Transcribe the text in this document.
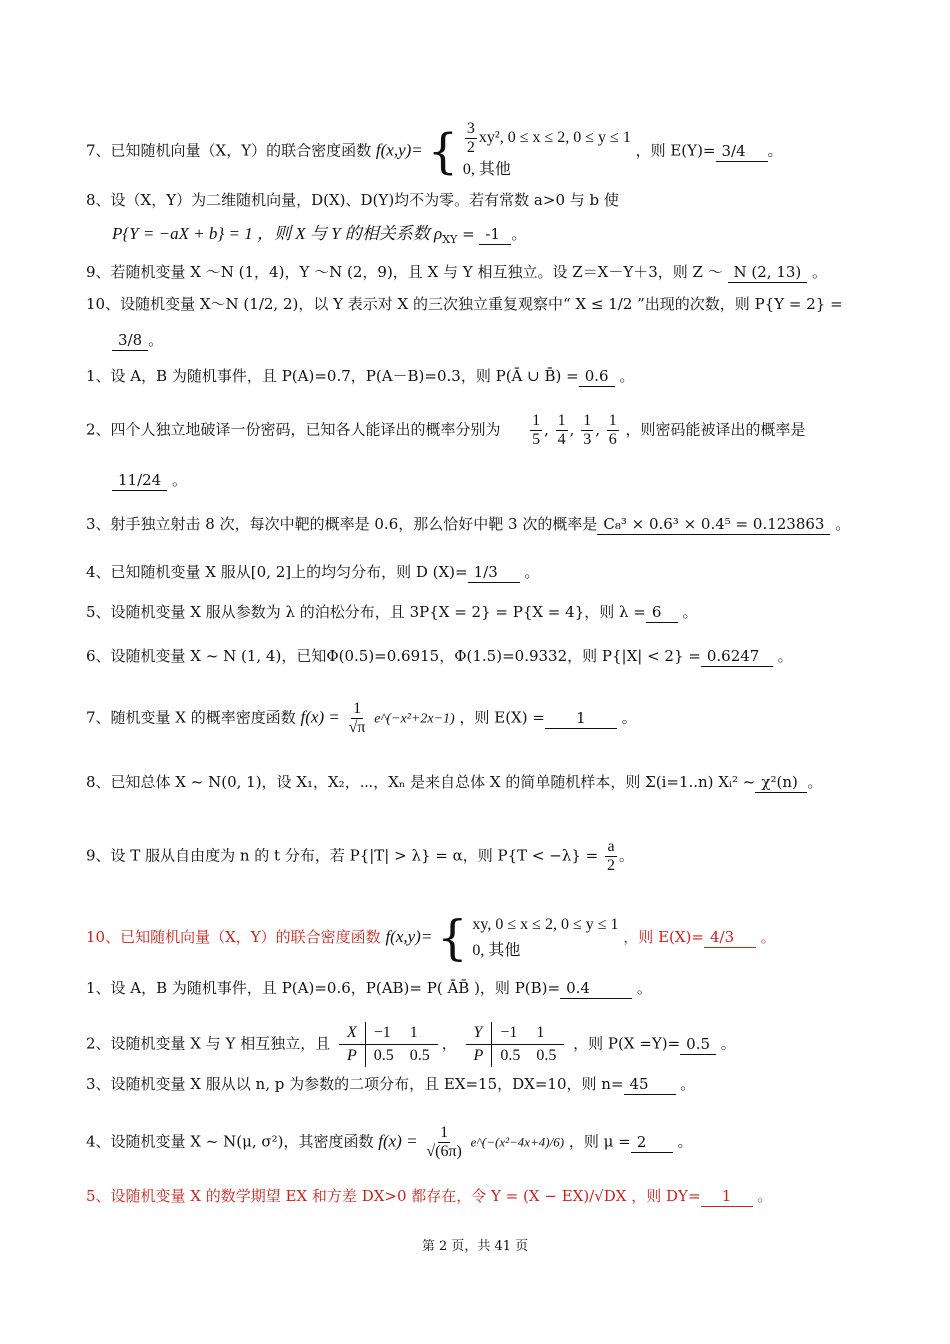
7、已知随机向量（X，Y）的联合密度函数 f(x,y)= { $\frac{3}{2} xy^2$, 0 ≤ x ≤ 2, 0 ≤ y ≤ 1
0, 其他
，则 E(Y)= 3/4 。
8、设（X，Y）为二维随机向量，D(X)、D(Y)均不为零。若有常数 a>0 与 b 使
P{Y = −aX + b} = 1 ，则 X 与 Y 的相关系数 $\rho_{XY} = -1$ 。
9、若随机变量 X ～N (1，4)，Y ～N (2，9)，且 X 与 Y 相互独立。设 Z＝X－Y＋3，则 Z ～ N (2, 13) 。
10、设随机变量 X～N (1/2, 2)，以 Y 表示对 X 的三次独立重复观察中“ X ≤ 1/2 ”出现的次数，则 P{Y = 2} =
3/8 。
1、设 A，B 为随机事件，且 P(A)=0.7，P(A－B)=0.3，则 P(Ā ∪ B̄) = 0.6 。
2、四个人独立地破译一份密码，已知各人能译出的概率分别为 $\frac{1}{5}$ , $\frac{1}{4}$ , $\frac{1}{3}$ , $\frac{1}{6}$ ，则密码能被译出的概率是
11/24 。
3、射手独立射击 8 次，每次中靶的概率是 0.6，那么恰好中靶 3 次的概率是 C₈³ × 0.6³ × 0.4⁵ = 0.123863 。
4、已知随机变量 X 服从[0, 2]上的均匀分布，则 D (X)= 1/3 。
5、设随机变量 X 服从参数为 λ 的泊松分布，且 3P{X = 2} = P{X = 4}，则 λ = 6 。
6、设随机变量 X ~ N (1, 4)，已知Φ(0.5)=0.6915，Φ(1.5)=0.9332，则 P{|X| < 2} = 0.6247 。
7、随机变量 X 的概率密度函数 $f(x) = \frac{1}{√\pi}$ e^(−x²+2x−1) ，则 E(X) = 1 。
8、已知总体 X ~ N(0, 1)，设 X₁，X₂，⋯，Xₙ 是来自总体 X 的简单随机样本，则 Σ(i=1..n) Xᵢ² ~ χ²(n) 。
9、设 T 服从自由度为 n 的 t 分布，若 P{|T| > λ} = α，则 $P\{T < -\lambda\} = \frac{a}{2}$ 。
10、已知随机向量（X，Y）的联合密度函数 f(x,y)= { xy, 0 ≤ x ≤ 2, 0 ≤ y ≤ 1
0, 其他
，则 E(X)= 4/3 。
1、设 A，B 为随机事件，且 P(A)=0.6，P(AB)= P( ĀB̄ )，则 P(B)= 0.4	。
2、设随机变量 X 与 Y 相互独立，且 X	−1	1
P	0.5	0.5， Y	−1	1
P	0.5	0.5 ，则 P(X =Y)= 0.5 。
3、设随机变量 X 服从以 n, p 为参数的二项分布，且 EX=15，DX=10，则 n= 45 。
4、设随机变量 X ~ N(μ, σ²)，其密度函数 $f(x) = \frac{1}{√(6\pi)}$ e^(−(x²−4x+4)/6) ，则 μ = 2 。
5、设随机变量 X 的数学期望 EX 和方差 DX>0 都存在，令 Y = (X − EX)/√DX ，则 DY= 1 。
第 2 页，共 41 页
